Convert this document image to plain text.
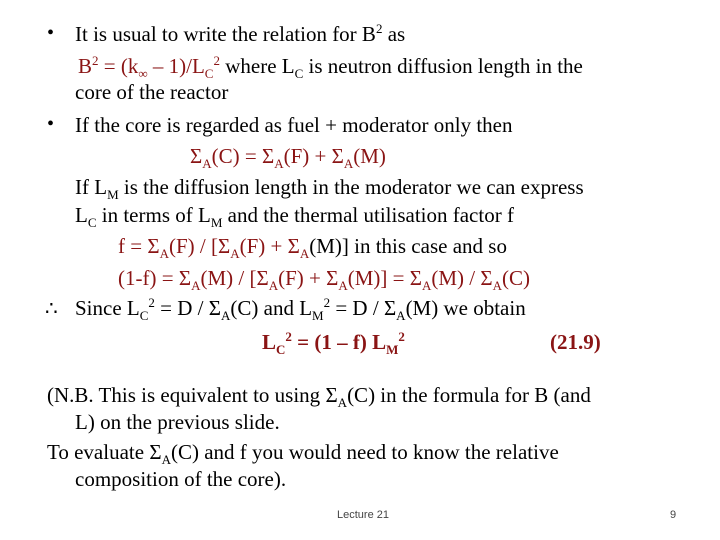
• It is usual to write the relation for $B^2$ as
$B^2 = (k_\infty - 1)/L_C^2$ where $L_C$ is neutron diffusion length in the
core of the reactor
• If the core is regarded as fuel + moderator only then
$\Sigma_A(C) = \Sigma_A(F) + \Sigma_A(M)$
If $L_M$ is the diffusion length in the moderator we can express
$L_C$ in terms of $L_M$ and the thermal utilisation factor f
$f = \Sigma_A(F) / [\Sigma_A(F) + \Sigma_A(M)]$ in this case and so
$(1-f) = \Sigma_A(M) / [\Sigma_A(F) + \Sigma_A(M)] = \Sigma_A(M) / \Sigma_A(C)$
∴ Since $L_C^2 = D / \Sigma_A(C)$ and $L_M^2 = D / \Sigma_A(M)$ we obtain
$L_C^2 = (1 - f)$ $L_M^2$	(21.9)
(N.B. This is equivalent to using $\Sigma_A(C)$ in the formula for B (and
L) on the previous slide.
To evaluate $\Sigma_A(C)$ and f you would need to know the relative
composition of the core).
Lecture 21	9
